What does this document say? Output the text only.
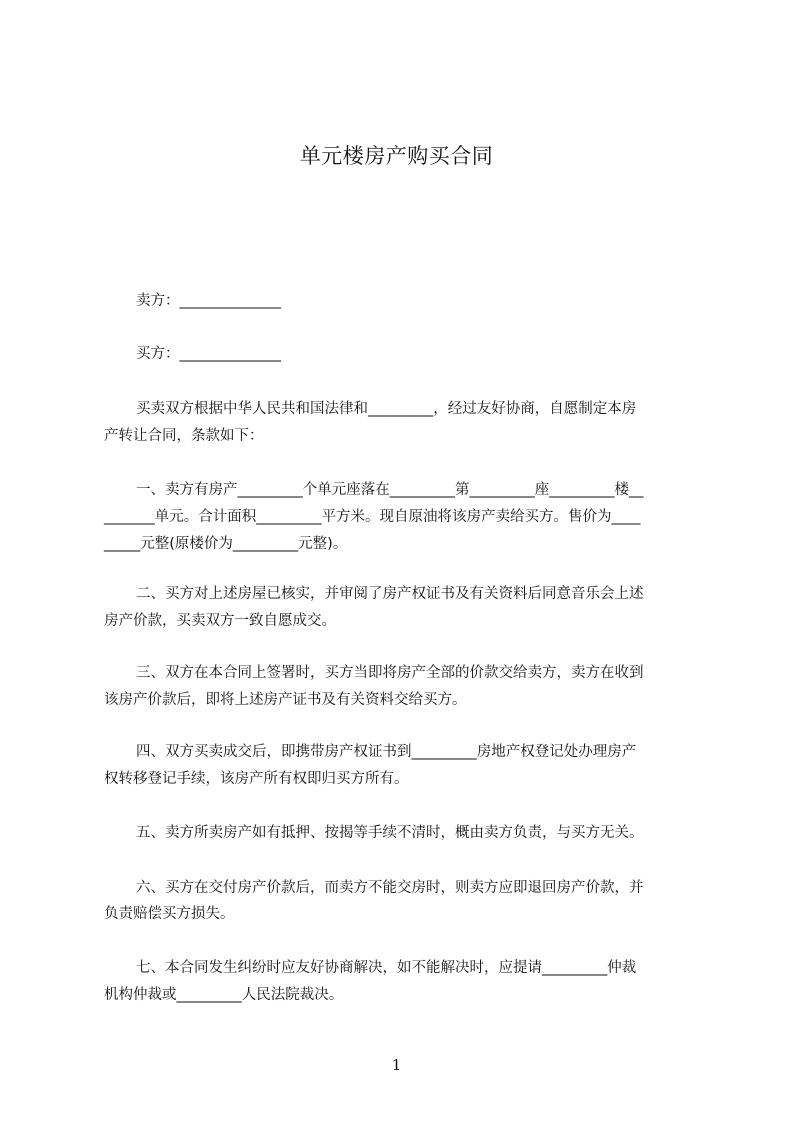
单元楼房产购买合同
卖方：______________
买方：______________
买卖双方根据中华人民共和国法律和_________，经过友好协商，自愿制定本房
产转让合同，条款如下：
一、卖方有房产_________个单元座落在_________第_________座_________楼__
_______单元。合计面积_________平方米。现自原油将该房产卖给买方。售价为____
_____元整(原楼价为_________元整)。
二、买方对上述房屋已核实，并审阅了房产权证书及有关资料后同意音乐会上述
房产价款，买卖双方一致自愿成交。
三、双方在本合同上签署时，买方当即将房产全部的价款交给卖方，卖方在收到
该房产价款后，即将上述房产证书及有关资料交给买方。
四、双方买卖成交后，即携带房产权证书到_________房地产权登记处办理房产
权转移登记手续，该房产所有权即归买方所有。
五、卖方所卖房产如有抵押、按揭等手续不清时，概由卖方负责，与买方无关。
六、买方在交付房产价款后，而卖方不能交房时，则卖方应即退回房产价款，并
负责赔偿买方损失。
七、本合同发生纠纷时应友好协商解决，如不能解决时，应提请_________仲裁
机构仲裁或_________人民法院裁决。
1
